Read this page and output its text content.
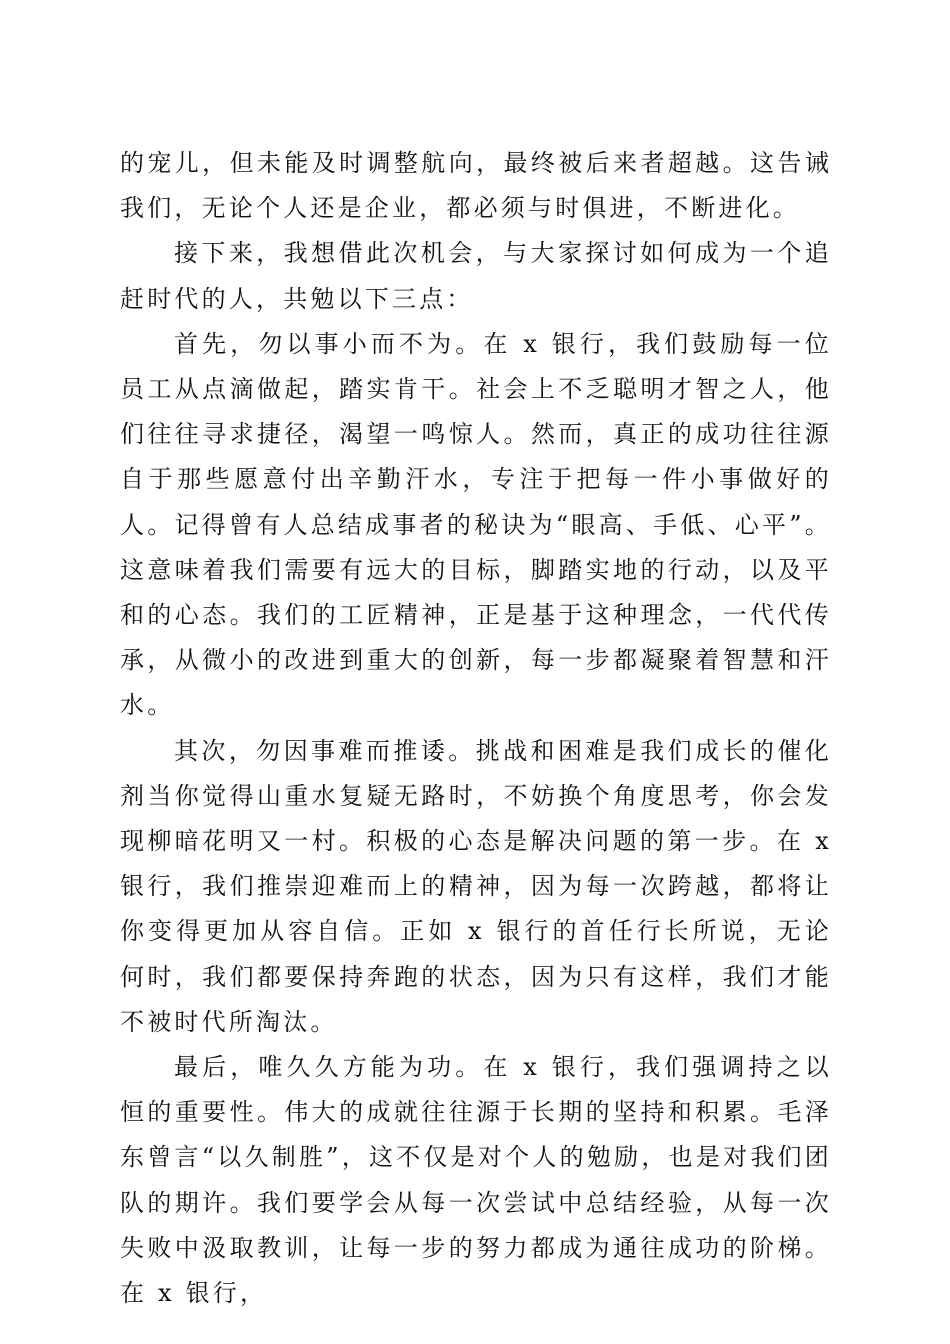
的宠儿，但未能及时调整航向，最终被后来者超越。这告诫我们，无论个人还是企业，都必须与时俱进，不断进化。

接下来，我想借此次机会，与大家探讨如何成为一个追赶时代的人，共勉以下三点：

首先，勿以事小而不为。在 x 银行，我们鼓励每一位员工从点滴做起，踏实肯干。社会上不乏聪明才智之人，他们往往寻求捷径，渴望一鸣惊人。然而，真正的成功往往源自于那些愿意付出辛勤汗水，专注于把每一件小事做好的人。记得曾有人总结成事者的秘诀为“眼高、手低、心平”。这意味着我们需要有远大的目标，脚踏实地的行动，以及平和的心态。我们的工匠精神，正是基于这种理念，一代代传承，从微小的改进到重大的创新，每一步都凝聚着智慧和汗水。

其次，勿因事难而推诿。挑战和困难是我们成长的催化剂当你觉得山重水复疑无路时，不妨换个角度思考，你会发现柳暗花明又一村。积极的心态是解决问题的第一步。在 x 银行，我们推崇迎难而上的精神，因为每一次跨越，都将让你变得更加从容自信。正如 x 银行的首任行长所说，无论何时，我们都要保持奔跑的状态，因为只有这样，我们才能不被时代所淘汰。

最后，唯久久方能为功。在 x 银行，我们强调持之以恒的重要性。伟大的成就往往源于长期的坚持和积累。毛泽东曾言“以久制胜”，这不仅是对个人的勉励，也是对我们团队的期许。我们要学会从每一次尝试中总结经验，从每一次失败中汲取教训，让每一步的努力都成为通往成功的阶梯。在 x 银行，
